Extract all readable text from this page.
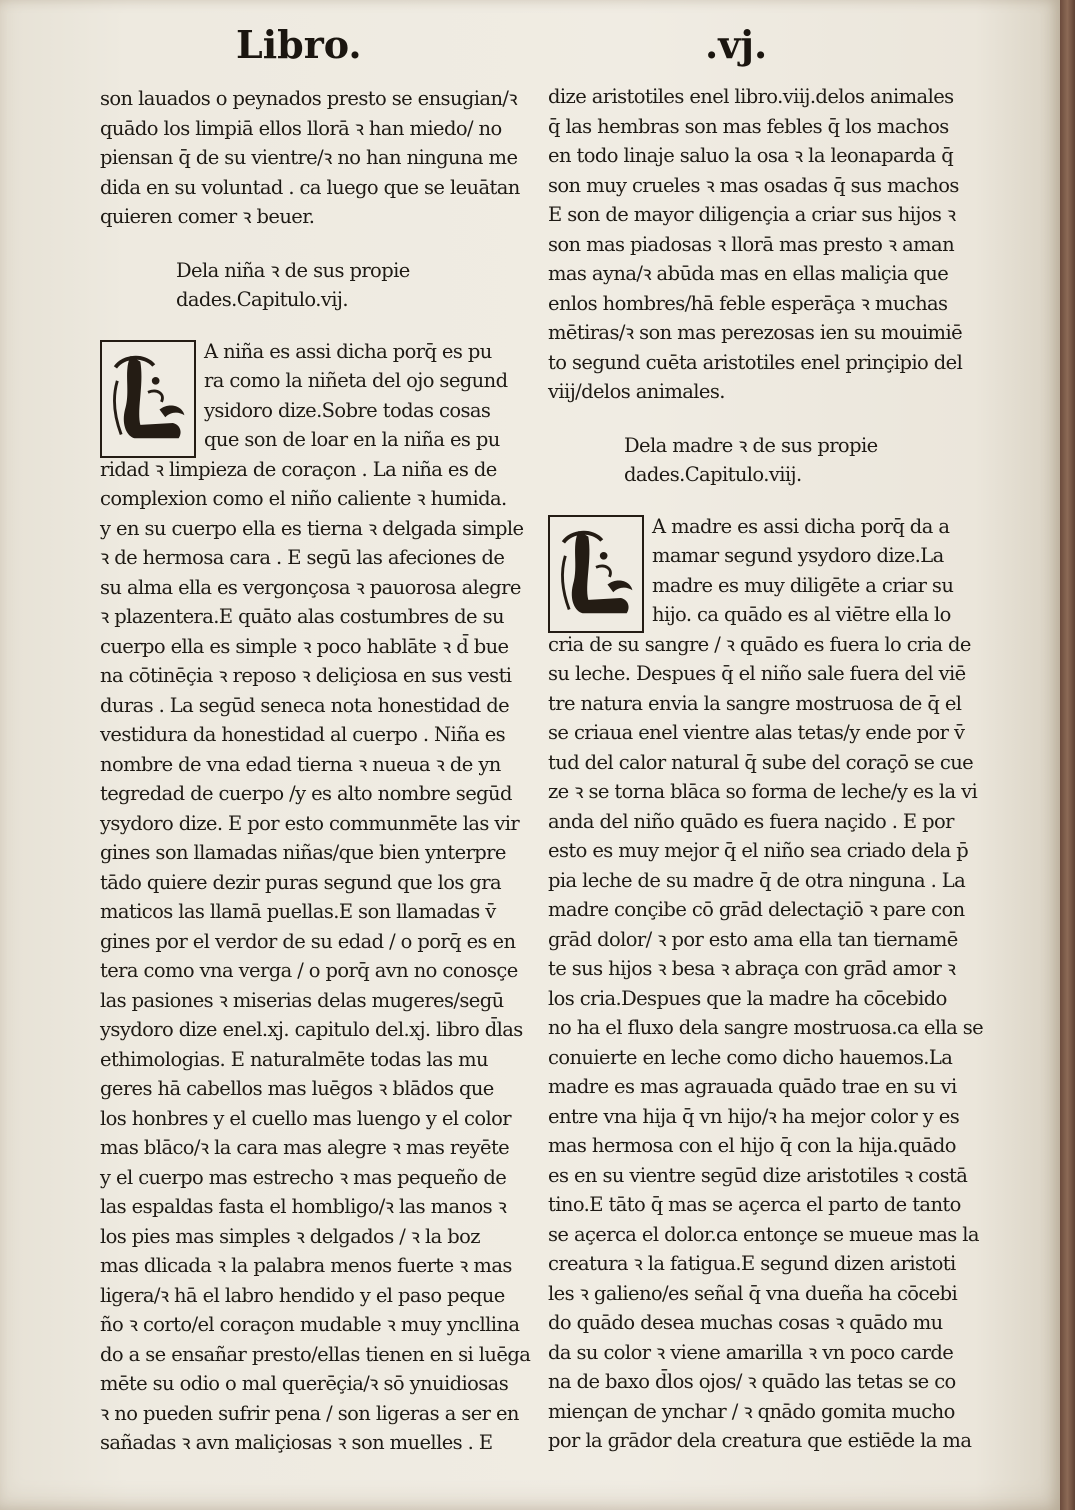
Libro.	.vj.
son lauados o peynados presto se ensugian/ꝛ
quādo los limpiā ellos llorā ꝛ han miedo/ no
piensan q̄ de su vientre/ꝛ no han ninguna me
dida en su voluntad . ca luego que se leuātan
quieren comer ꝛ beuer.
Dela niña ꝛ de sus propie
dades.Capitulo.vij.
A niña es assi dicha porq̄ es pu
ra como la niñeta del ojo segund
ysidoro dize.Sobre todas cosas
que son de loar en la niña es pu
ridad ꝛ limpieza de coraçon . La niña es de
complexion como el niño caliente ꝛ humida.
y en su cuerpo ella es tierna ꝛ delgada simple
ꝛ de hermosa cara . E segū las afeciones de
su alma ella es vergonçosa ꝛ pauorosa alegre
ꝛ plazentera.E quāto alas costumbres de su
cuerpo ella es simple ꝛ poco hablāte ꝛ d̄ bue
na cōtinēçia ꝛ reposo ꝛ deliçiosa en sus vesti
duras . La segūd seneca nota honestidad de
vestidura da honestidad al cuerpo . Niña es
nombre de vna edad tierna ꝛ nueua ꝛ de yn
tegredad de cuerpo /y es alto nombre segūd
ysydoro dize. E por esto communmēte las vir
gines son llamadas niñas/que bien ynterpre
tādo quiere dezir puras segund que los gra
maticos las llamā puellas.E son llamadas v̄
gines por el verdor de su edad / o porq̄ es en
tera como vna verga / o porq̄ avn no conosçe
las pasiones ꝛ miserias delas mugeres/segū
ysydoro dize enel.xj. capitulo del.xj. libro d̄las
ethimologias. E naturalmēte todas las mu
geres hā cabellos mas luēgos ꝛ blādos que
los honbres y el cuello mas luengo y el color
mas blāco/ꝛ la cara mas alegre ꝛ mas reyēte
y el cuerpo mas estrecho ꝛ mas pequeño de
las espaldas fasta el hombligo/ꝛ las manos ꝛ
los pies mas simples ꝛ delgados / ꝛ la boz
mas dlicada ꝛ la palabra menos fuerte ꝛ mas
ligera/ꝛ hā el labro hendido y el paso peque
ño ꝛ corto/el coraçon mudable ꝛ muy yncllina
do a se ensañar presto/ellas tienen en si luēga
mēte su odio o mal querēçia/ꝛ sō ynuidiosas
ꝛ no pueden sufrir pena / son ligeras a ser en
sañadas ꝛ avn maliçiosas ꝛ son muelles . E
dize aristotiles enel libro.viij.delos animales
q̄ las hembras son mas febles q̄ los machos
en todo linaje saluo la osa ꝛ la leonaparda q̄
son muy crueles ꝛ mas osadas q̄ sus machos
E son de mayor diligençia a criar sus hijos ꝛ
son mas piadosas ꝛ llorā mas presto ꝛ aman
mas ayna/ꝛ abūda mas en ellas maliçia que
enlos hombres/hā feble esperāça ꝛ muchas
mētiras/ꝛ son mas perezosas ien su mouimiē
to segund cuēta aristotiles enel prinçipio del
viij/delos animales.
Dela madre ꝛ de sus propie
dades.Capitulo.viij.
A madre es assi dicha porq̄ da a
mamar segund ysydoro dize.La
madre es muy diligēte a criar su
hijo. ca quādo es al viētre ella lo
cria de su sangre / ꝛ quādo es fuera lo cria de
su leche. Despues q̄ el niño sale fuera del viē
tre natura envia la sangre mostruosa de q̄ el
se criaua enel vientre alas tetas/y ende por v̄
tud del calor natural q̄ sube del coraçō se cue
ze ꝛ se torna blāca so forma de leche/y es la vi
anda del niño quādo es fuera naçido . E por
esto es muy mejor q̄ el niño sea criado dela p̄
pia leche de su madre q̄ de otra ninguna . La
madre conçibe cō grād delectaçiō ꝛ pare con
grād dolor/ ꝛ por esto ama ella tan tiernamē
te sus hijos ꝛ besa ꝛ abraça con grād amor ꝛ
los cria.Despues que la madre ha cōcebido
no ha el fluxo dela sangre mostruosa.ca ella se
conuierte en leche como dicho hauemos.La
madre es mas agrauada quādo trae en su vi
entre vna hija q̄ vn hijo/ꝛ ha mejor color y es
mas hermosa con el hijo q̄ con la hija.quādo
es en su vientre segūd dize aristotiles ꝛ costā
tino.E tāto q̄ mas se açerca el parto de tanto
se açerca el dolor.ca entonçe se mueue mas la
creatura ꝛ la fatigua.E segund dizen aristoti
les ꝛ galieno/es señal q̄ vna dueña ha cōcebi
do quādo desea muchas cosas ꝛ quādo mu
da su color ꝛ viene amarilla ꝛ vn poco carde
na de baxo d̄los ojos/ ꝛ quādo las tetas se co
miençan de ynchar / ꝛ qnādo gomita mucho
por la grādor dela creatura que estiēde la ma
